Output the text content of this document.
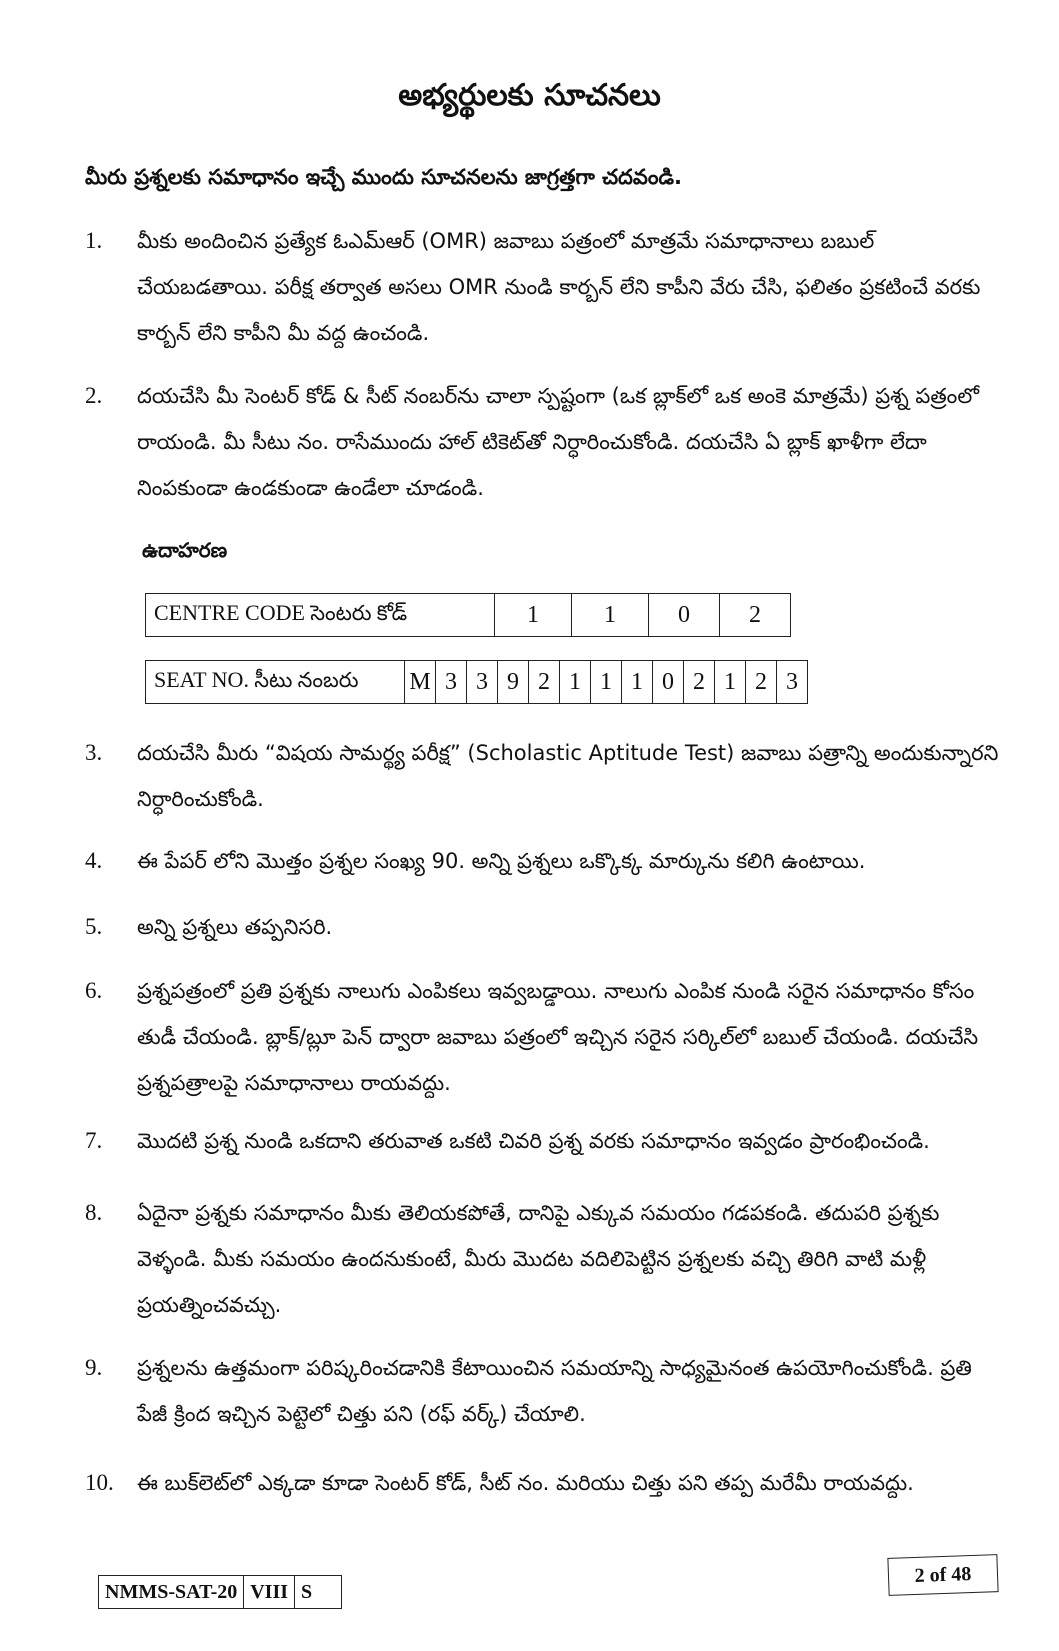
అభ్యర్థులకు సూచనలు
మీరు ప్రశ్నలకు సమాధానం ఇచ్చే ముందు సూచనలను జాగ్రత్తగా చదవండి.
1.	మీకు అందించిన ప్రత్యేక ఓఎమ్ఆర్ (OMR) జవాబు పత్రంలో మాత్రమే సమాధానాలు బబుల్ చేయబడతాయి. పరీక్ష తర్వాత అసలు OMR నుండి కార్బన్ లేని కాపీని వేరు చేసి, ఫలితం ప్రకటించే వరకు కార్బన్ లేని కాపీని మీ వద్ద ఉంచండి.
2.	దయచేసి మీ సెంటర్ కోడ్ & సీట్ నంబర్‌ను చాలా స్పష్టంగా (ఒక బ్లాక్‌లో ఒక అంకె మాత్రమే) ప్రశ్న పత్రంలో రాయండి. మీ సీటు నం. రాసేముందు హాల్ టికెట్‌తో నిర్ధారించుకోండి. దయచేసి ఏ బ్లాక్ ఖాళీగా లేదా నింపకుండా ఉండకుండా ఉండేలా చూడండి.
ఉదాహరణ
CENTRE CODE సెంటరు కోడ్	1	1	0	2
SEAT NO. సీటు నంబరు	M	3	3	9	2	1	1	1	0	2	1	2	3
3.	దయచేసి మీరు “విషయ సామర్థ్య పరీక్ష” (Scholastic Aptitude Test) జవాబు పత్రాన్ని అందుకున్నారని నిర్ధారించుకోండి.
4.	ఈ పేపర్ లోని మొత్తం ప్రశ్నల సంఖ్య 90. అన్ని ప్రశ్నలు ఒక్కొక్క మార్కును కలిగి ఉంటాయి.
5.	అన్ని ప్రశ్నలు తప్పనిసరి.
6.	ప్రశ్నపత్రంలో ప్రతి ప్రశ్నకు నాలుగు ఎంపికలు ఇవ్వబడ్డాయి. నాలుగు ఎంపిక నుండి సరైన సమాధానం కోసం తుడీ చేయండి. బ్లాక్/బ్లూ పెన్ ద్వారా జవాబు పత్రంలో ఇచ్చిన సరైన సర్కిల్‌లో బబుల్ చేయండి. దయచేసి ప్రశ్నపత్రాలపై సమాధానాలు రాయవద్దు.
7.	మొదటి ప్రశ్న నుండి ఒకదాని తరువాత ఒకటి చివరి ప్రశ్న వరకు సమాధానం ఇవ్వడం ప్రారంభించండి.
8.	ఏదైనా ప్రశ్నకు సమాధానం మీకు తెలియకపోతే, దానిపై ఎక్కువ సమయం గడపకండి. తదుపరి ప్రశ్నకు వెళ్ళండి. మీకు సమయం ఉందనుకుంటే, మీరు మొదట వదిలిపెట్టిన ప్రశ్నలకు వచ్చి తిరిగి వాటి మళ్లీ ప్రయత్నించవచ్చు.
9.	ప్రశ్నలను ఉత్తమంగా పరిష్కరించడానికి కేటాయించిన సమయాన్ని సాధ్యమైనంత ఉపయోగించుకోండి. ప్రతి పేజీ క్రింద ఇచ్చిన పెట్టెలో చిత్తు పని (రఫ్ వర్క్) చేయాలి.
10.	ఈ బుక్‌లెట్‌లో ఎక్కడా కూడా సెంటర్ కోడ్, సీట్ నం. మరియు చిత్తు పని తప్ప మరేమీ రాయవద్దు.
NMMS-SAT-20	VIII	S
2 of 48
